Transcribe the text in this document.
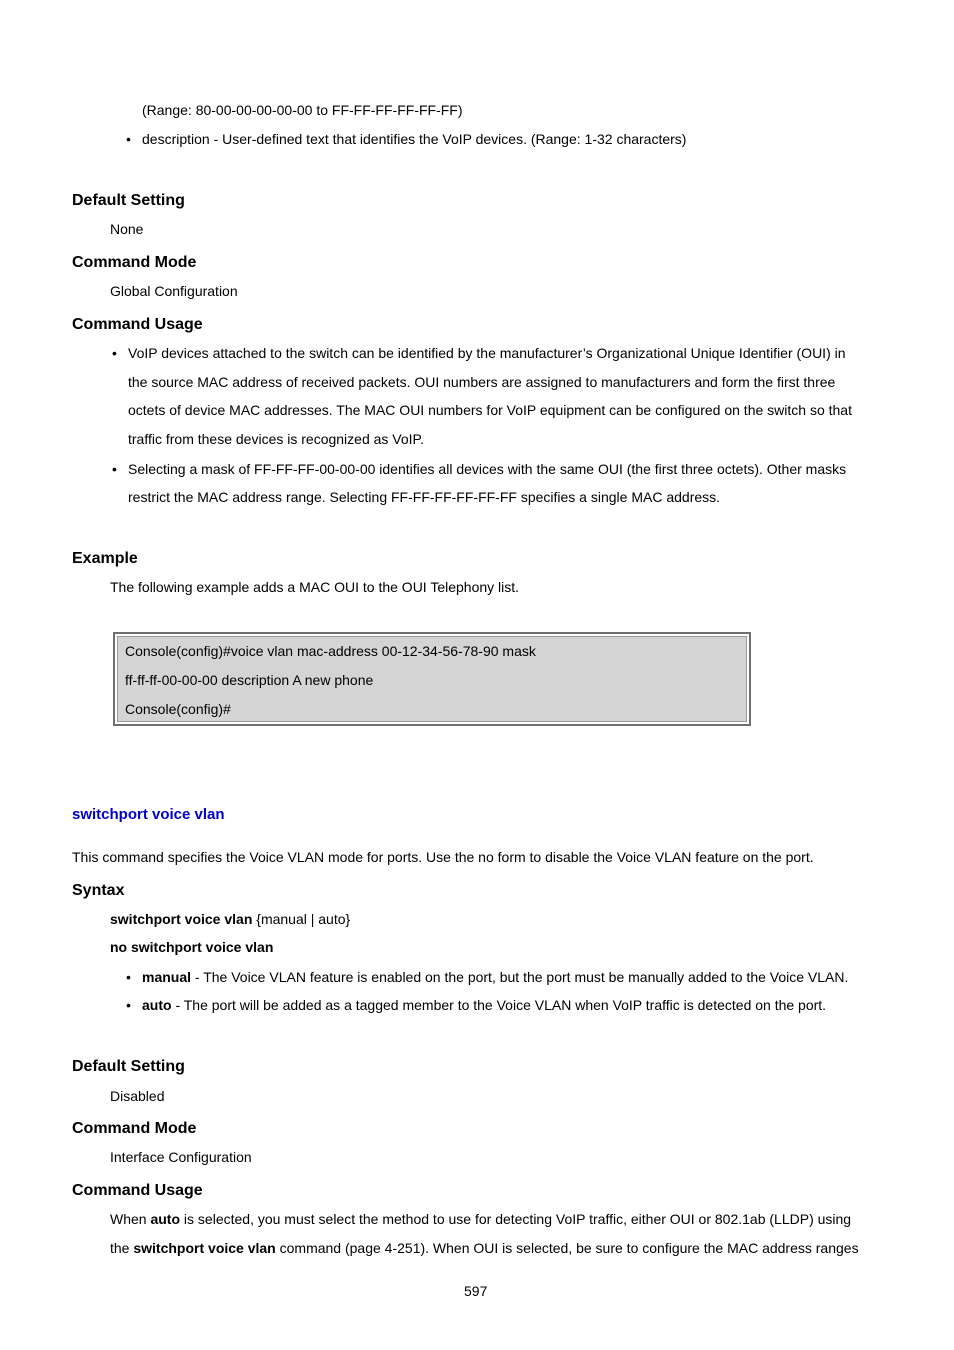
(Range: 80-00-00-00-00-00 to FF-FF-FF-FF-FF-FF)
• description - User-defined text that identifies the VoIP devices. (Range: 1-32 characters)
Default Setting
None
Command Mode
Global Configuration
Command Usage
• VoIP devices attached to the switch can be identified by the manufacturer’s Organizational Unique Identifier (OUI) in
the source MAC address of received packets. OUI numbers are assigned to manufacturers and form the first three
octets of device MAC addresses. The MAC OUI numbers for VoIP equipment can be configured on the switch so that
traffic from these devices is recognized as VoIP.
• Selecting a mask of FF-FF-FF-00-00-00 identifies all devices with the same OUI (the first three octets). Other masks
restrict the MAC address range. Selecting FF-FF-FF-FF-FF-FF specifies a single MAC address.
Example
The following example adds a MAC OUI to the OUI Telephony list.
Console(config)#voice vlan mac-address 00-12-34-56-78-90 mask
ff-ff-ff-00-00-00 description A new phone
Console(config)#
switchport voice vlan
This command specifies the Voice VLAN mode for ports. Use the no form to disable the Voice VLAN feature on the port.
Syntax
switchport voice vlan {manual | auto}
no switchport voice vlan
• manual - The Voice VLAN feature is enabled on the port, but the port must be manually added to the Voice VLAN.
• auto - The port will be added as a tagged member to the Voice VLAN when VoIP traffic is detected on the port.
Default Setting
Disabled
Command Mode
Interface Configuration
Command Usage
When auto is selected, you must select the method to use for detecting VoIP traffic, either OUI or 802.1ab (LLDP) using
the switchport voice vlan command (page 4-251). When OUI is selected, be sure to configure the MAC address ranges
597
